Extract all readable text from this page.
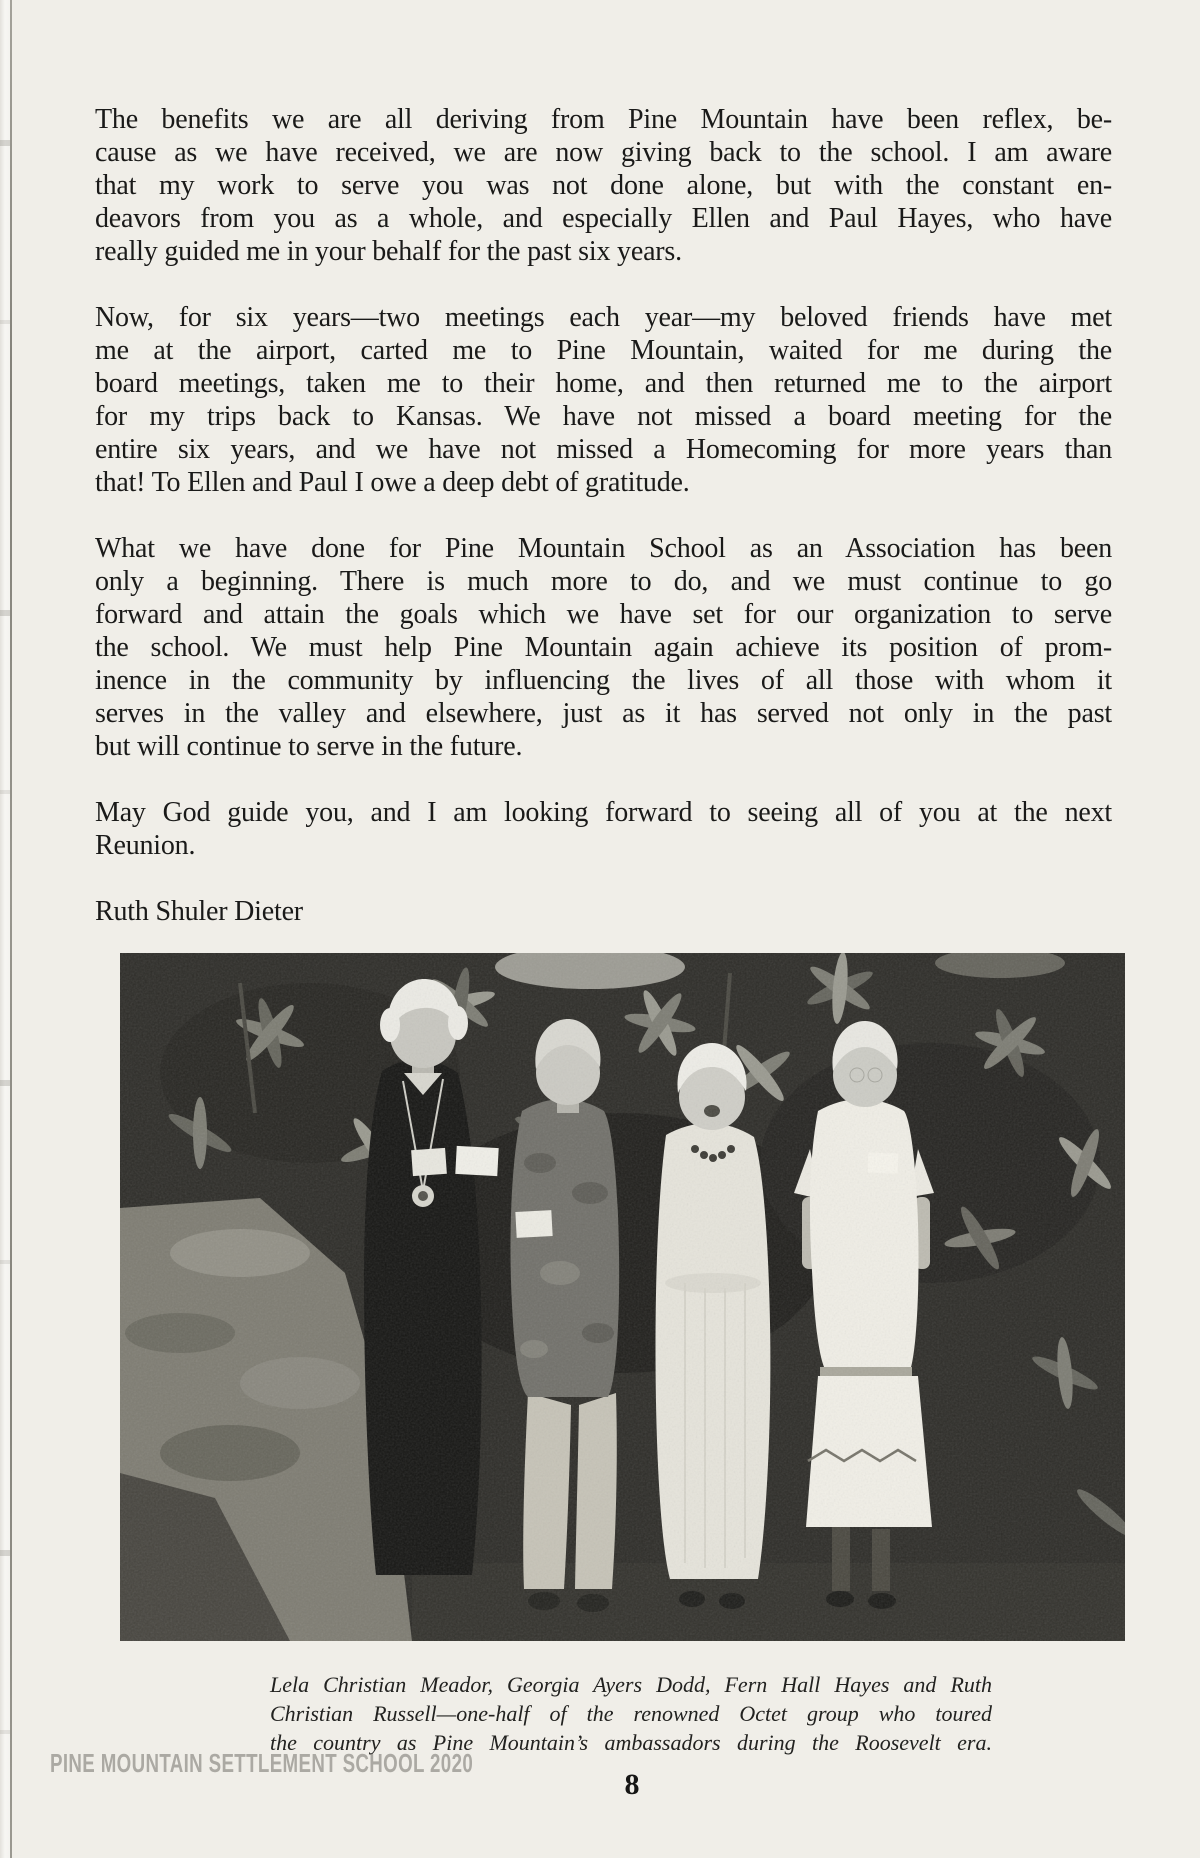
The benefits we are all deriving from Pine Mountain have been reflex, be-
cause as we have received, we are now giving back to the school. I am aware
that my work to serve you was not done alone, but with the constant en-
deavors from you as a whole, and especially Ellen and Paul Hayes, who have
really guided me in your behalf for the past six years.
Now, for six years—two meetings each year—my beloved friends have met
me at the airport, carted me to Pine Mountain, waited for me during the
board meetings, taken me to their home, and then returned me to the airport
for my trips back to Kansas. We have not missed a board meeting for the
entire six years, and we have not missed a Homecoming for more years than
that! To Ellen and Paul I owe a deep debt of gratitude.
What we have done for Pine Mountain School as an Association has been
only a beginning. There is much more to do, and we must continue to go
forward and attain the goals which we have set for our organization to serve
the school. We must help Pine Mountain again achieve its position of prom-
inence in the community by influencing the lives of all those with whom it
serves in the valley and elsewhere, just as it has served not only in the past
but will continue to serve in the future.
May God guide you, and I am looking forward to seeing all of you at the next
Reunion.
Ruth Shuler Dieter
Lela Christian Meador, Georgia Ayers Dodd, Fern Hall Hayes and Ruth
Christian Russell—one-half of the renowned Octet group who toured
the country as Pine Mountain’s ambassadors during the Roosevelt era.
PINE MOUNTAIN SETTLEMENT SCHOOL 2020
8
